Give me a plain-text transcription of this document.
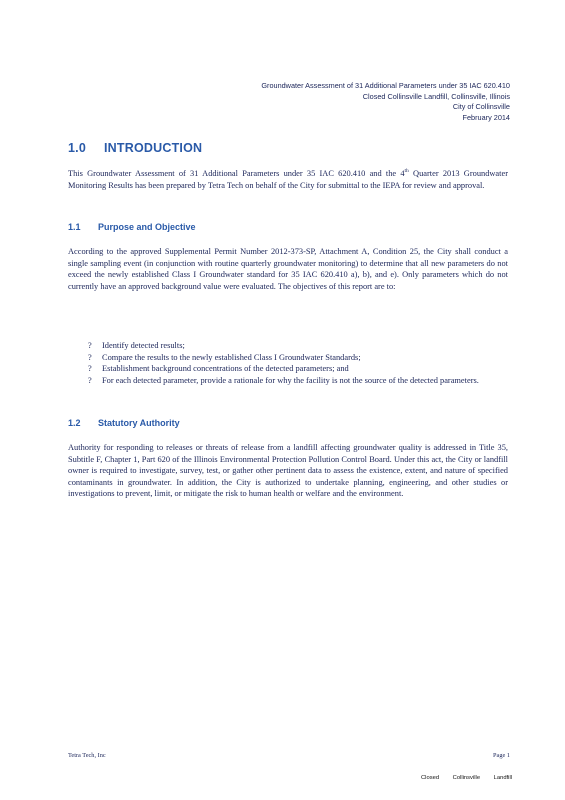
Groundwater Assessment of 31 Additional Parameters under 35 IAC 620.410
Closed Collinsville Landfill, Collinsville, Illinois
City of Collinsville
February 2014
1.0 INTRODUCTION
This Groundwater Assessment of 31 Additional Parameters under 35 IAC 620.410 and the 4th Quarter 2013 Groundwater Monitoring Results has been prepared by Tetra Tech on behalf of the City for submittal to the IEPA for review and approval.
1.1 Purpose and Objective
According to the approved Supplemental Permit Number 2012-373-SP, Attachment A, Condition 25, the City shall conduct a single sampling event (in conjunction with routine quarterly groundwater monitoring) to determine that all new parameters do not exceed the newly established Class I Groundwater standard for 35 IAC 620.410 a), b), and e). Only parameters which do not currently have an approved background value were evaluated. The objectives of this report are to:
? Identify detected results;
? Compare the results to the newly established Class I Groundwater Standards;
? Establishment background concentrations of the detected parameters; and
? For each detected parameter, provide a rationale for why the facility is not the source of the detected parameters.
1.2 Statutory Authority
Authority for responding to releases or threats of release from a landfill affecting groundwater quality is addressed in Title 35, Subtitle F, Chapter 1, Part 620 of the Illinois Environmental Protection Pollution Control Board. Under this act, the City or landfill owner is required to investigate, survey, test, or gather other pertinent data to assess the existence, extent, and nature of specified contaminants in groundwater. In addition, the City is authorized to undertake planning, engineering, and other studies or investigations to prevent, limit, or mitigate the risk to human health or welfare and the environment.
Tetra Tech, Inc	Page 1
Closed Collinsville Landfill
